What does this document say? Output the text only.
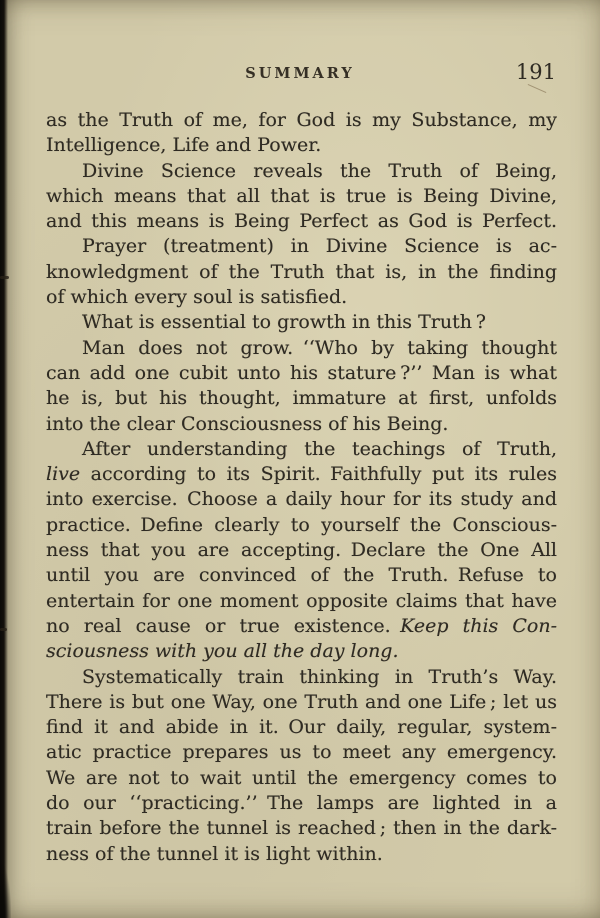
SUMMARY	191
as the Truth of me, for God is my Substance, my
Intelligence, Life and Power.
Divine Science reveals the Truth of Being,
which means that all that is true is Being Divine,
and this means is Being Perfect as God is Perfect.
Prayer (treatment) in Divine Science is ac-
knowledgment of the Truth that is, in the finding
of which every soul is satisfied.
What is essential to growth in this Truth ?
Man does not grow. ‘‘Who by taking thought
can add one cubit unto his stature ?’’ Man is what
he is, but his thought, immature at first, unfolds
into the clear Consciousness of his Being.
After understanding the teachings of Truth,
live according to its Spirit. Faithfully put its rules
into exercise. Choose a daily hour for its study and
practice. Define clearly to yourself the Conscious-
ness that you are accepting. Declare the One All
until you are convinced of the Truth. Refuse to
entertain for one moment opposite claims that have
no real cause or true existence. Keep this Con-
sciousness with you all the day long.
Systematically train thinking in Truth’s Way.
There is but one Way, one Truth and one Life ; let us
find it and abide in it. Our daily, regular, system-
atic practice prepares us to meet any emergency.
We are not to wait until the emergency comes to
do our ‘‘practicing.’’ The lamps are lighted in a
train before the tunnel is reached ; then in the dark-
ness of the tunnel it is light within.
